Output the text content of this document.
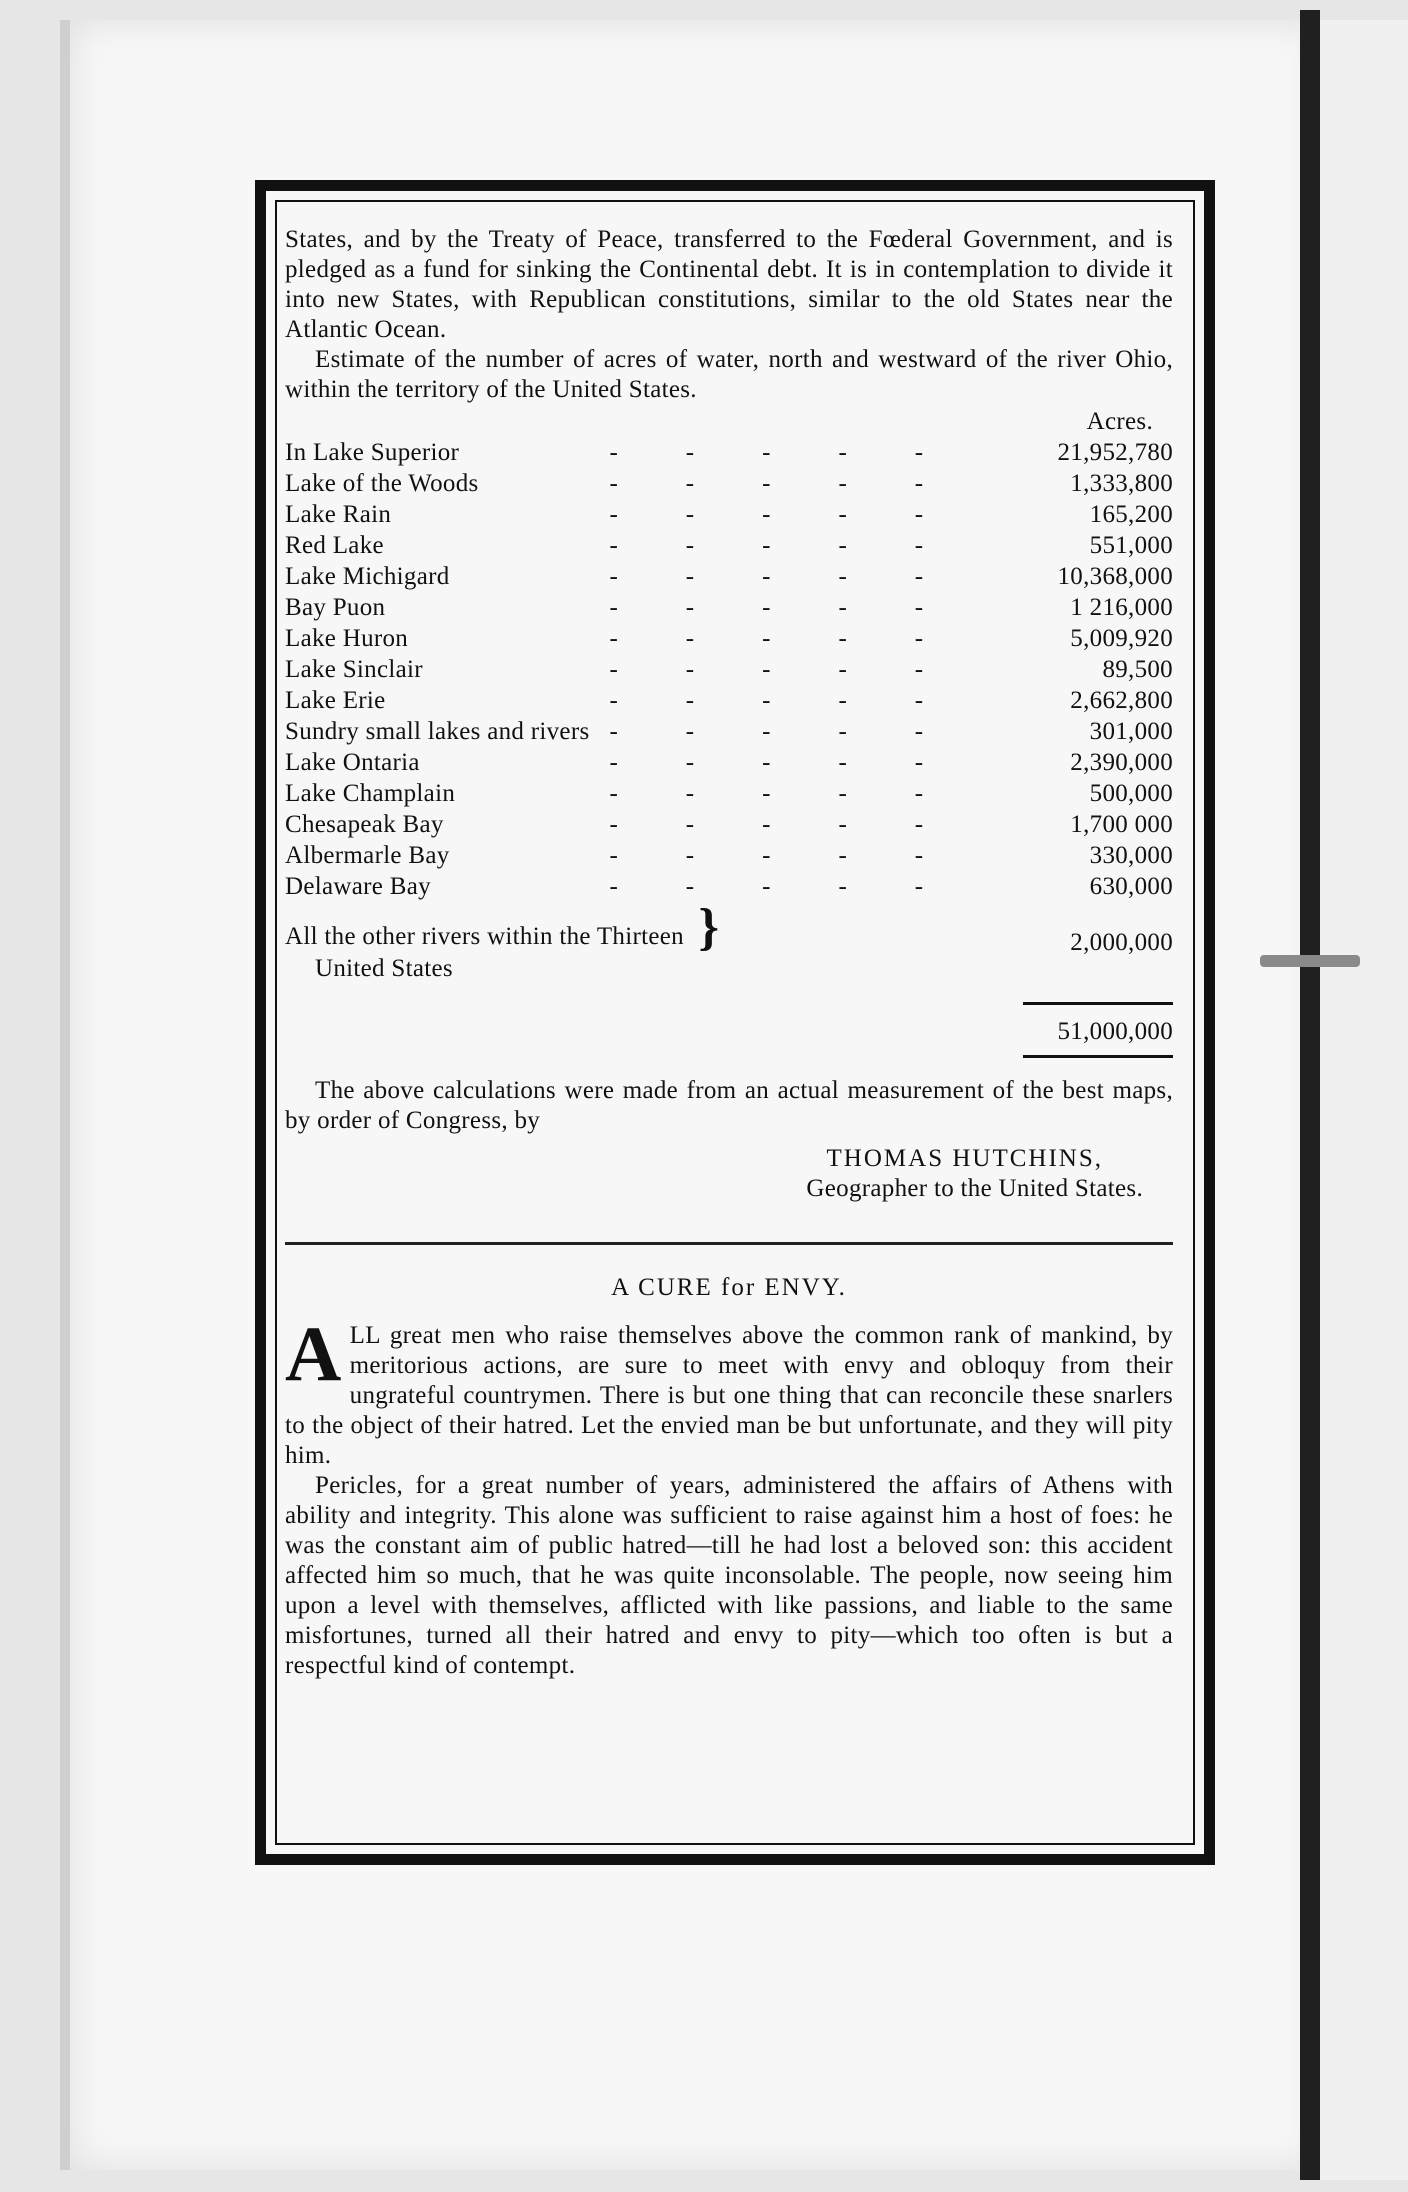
States, and by the Treaty of Peace, transferred to the Fœderal Government, and is pledged as a fund for sinking the Continental debt. It is in contemplation to divide it into new States, with Republican constitutions, similar to the old States near the Atlantic Ocean.

Estimate of the number of acres of water, north and westward of the river Ohio, within the territory of the United States.

Acres.
In Lake Superior	-----	21,952,780
Lake of the Woods	-----	1,333,800
Lake Rain	-----	165,200
Red Lake	-----	551,000
Lake Michigard	-----	10,368,000
Bay Puon	-----	1 216,000
Lake Huron	-----	5,009,920
Lake Sinclair	-----	89,500
Lake Erie	-----	2,662,800
Sundry small lakes and rivers	-----	301,000
Lake Ontaria	-----	2,390,000
Lake Champlain	-----	500,000
Chesapeak Bay	-----	1,700 000
Albermarle Bay	-----	330,000
Delaware Bay	-----	630,000
All the other rivers within the Thirteen }
United States		2,000,000
51,000,000

The above calculations were made from an actual measurement of the best maps, by order of Congress, by

THOMAS HUTCHINS,
Geographer to the United States.
A CURE for ENVY.

ALL great men who raise themselves above the common rank of mankind, by meritorious actions, are sure to meet with envy and obloquy from their ungrateful countrymen. There is but one thing that can reconcile these snarlers to the object of their hatred. Let the envied man be but unfortunate, and they will pity him.

Pericles, for a great number of years, administered the affairs of Athens with ability and integrity. This alone was sufficient to raise against him a host of foes: he was the constant aim of public hatred—till he had lost a beloved son: this accident affected him so much, that he was quite inconsolable. The people, now seeing him upon a level with themselves, afflicted with like passions, and liable to the same misfortunes, turned all their hatred and envy to pity—which too often is but a respectful kind of contempt.
